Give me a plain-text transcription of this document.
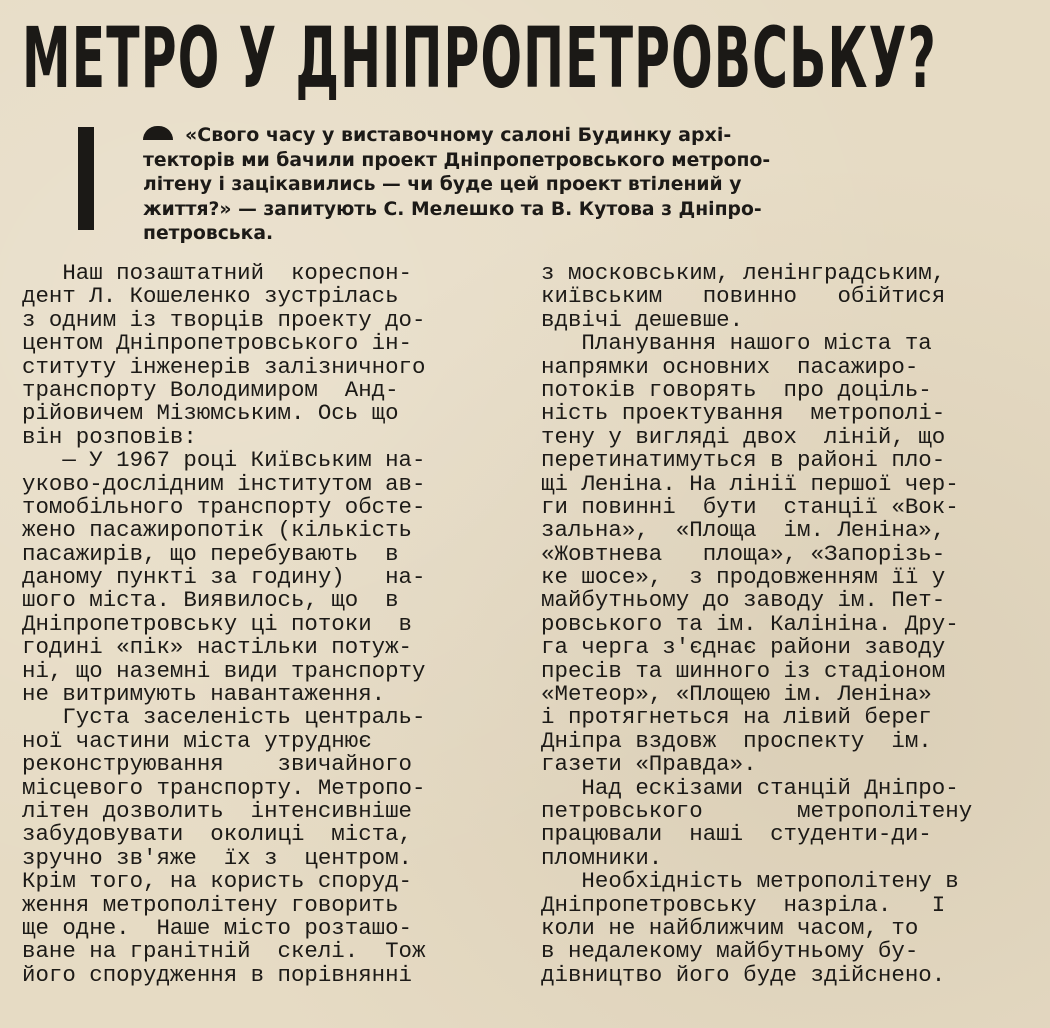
МЕТРО У ДНІПРОПЕТРОВСЬКУ?
«Свого часу у виставочному салоні Будинку архі-
текторів ми бачили проект Дніпропетровського метропо-
літену і зацікавились — чи буде цей проект втілений у
життя?» — запитують С. Мелешко та В. Кутова з Дніпро-
петровська.
Наш позаштатний  кореспон-
дент Л. Кошеленко зустрілась
з одним із творців проекту до-
центом Дніпропетровського ін-
ституту інженерів залізничного
транспорту Володимиром  Анд-
рійовичем Мізюмським. Ось що
він розповів:
— У 1967 році Київським на-
уково-дослідним інститутом ав-
томобільного транспорту обсте-
жено пасажиропотік (кількість
пасажирів, що перебувають  в
даному пункті за годину)   на-
шого міста. Виявилось, що  в
Дніпропетровську ці потоки  в
годині «пік» настільки потуж-
ні, що наземні види транспорту
не витримують навантаження.
Густа заселеність централь-
ної частини міста утруднює
реконструювання    звичайного
місцевого транспорту. Метропо-
літен дозволить  інтенсивніше
забудовувати  околиці  міста,
зручно зв'яже  їх з  центром.
Крім того, на користь споруд-
ження метрополітену говорить
ще одне.  Наше місто розташо-
ване на гранітній  скелі.  Тож
його спорудження в порівнянні
з московським, ленінградським,
київським   повинно   обійтися
вдвічі дешевше.
Планування нашого міста та
напрямки основних  пасажиро-
потоків говорять  про доціль-
ність проектування  метрополі-
тену у вигляді двох  ліній, що
перетинатимуться в районі пло-
щі Леніна. На лінії першої чер-
ги повинні  бути  станції «Вок-
зальна»,  «Площа  ім. Леніна»,
«Жовтнева   площа», «Запорізь-
ке шосе»,  з продовженням її у
майбутньому до заводу ім. Пет-
ровського та ім. Калініна. Дру-
га черга з'єднає райони заводу
пресів та шинного із стадіоном
«Метеор», «Площею ім. Леніна»
і протягнеться на лівий берег
Дніпра вздовж  проспекту  ім.
газети «Правда».
Над ескізами станцій Дніпро-
петровського       метрополітену
працювали  наші  студенти-ди-
пломники.
Необхідність метрополітену в
Дніпропетровську  назріла.   І
коли не найближчим часом, то
в недалекому майбутньому бу-
дівництво його буде здійснено.
